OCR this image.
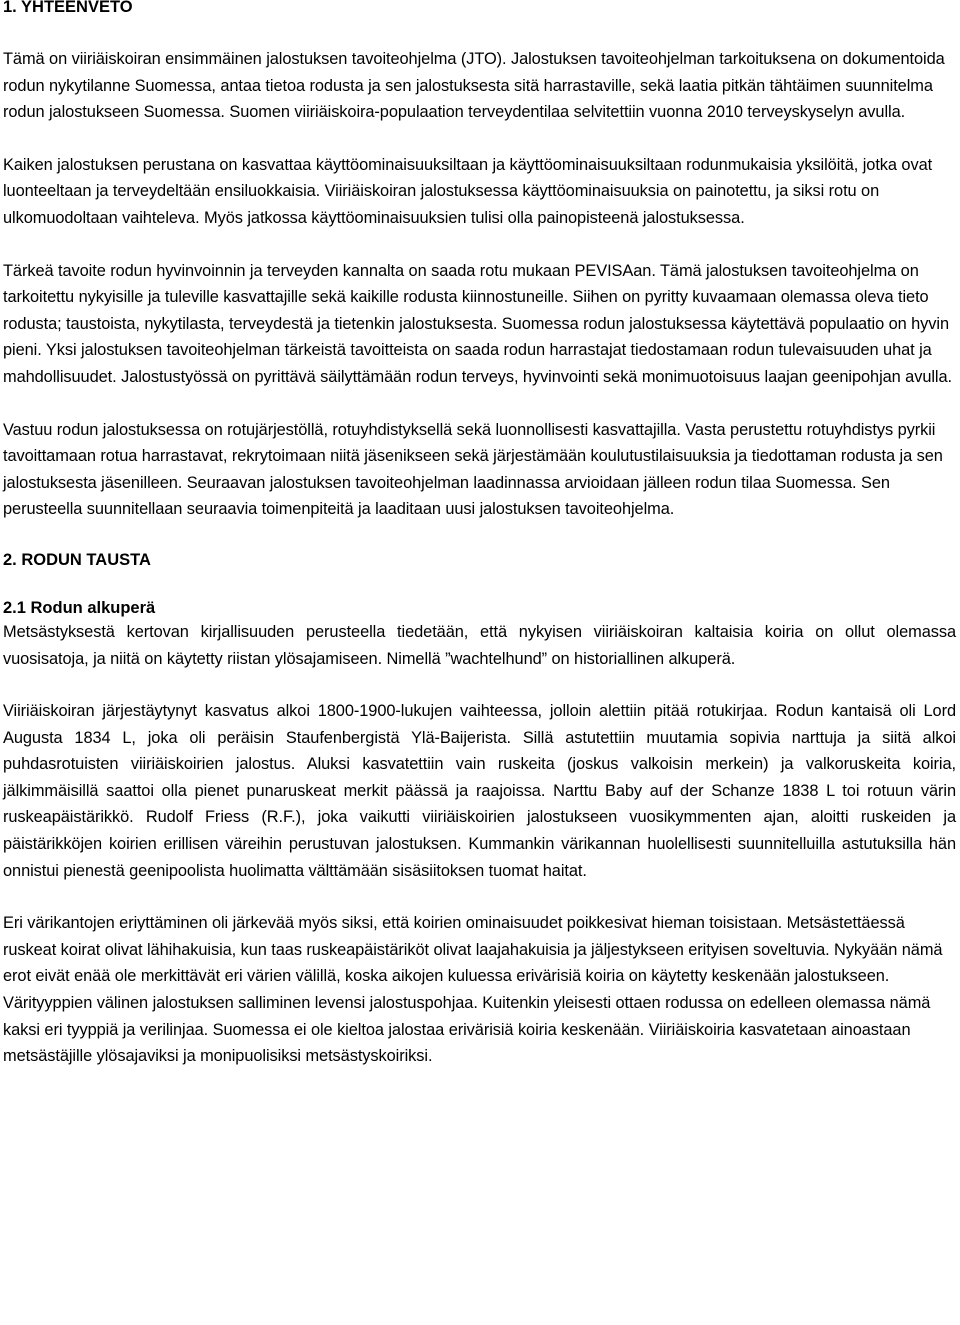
1. YHTEENVETO

Tämä on viiriäiskoiran ensimmäinen jalostuksen tavoiteohjelma (JTO). Jalostuksen tavoiteohjelman tarkoituksena on dokumentoida rodun nykytilanne Suomessa, antaa tietoa rodusta ja sen jalostuksesta sitä harrastaville, sekä laatia pitkän tähtäimen suunnitelma rodun jalostukseen Suomessa. Suomen viiriäiskoira-populaation terveydentilaa selvitettiin vuonna 2010 terveyskyselyn avulla.

Kaiken jalostuksen perustana on kasvattaa käyttöominaisuuksiltaan ja käyttöominaisuuksiltaan rodunmukaisia yksilöitä, jotka ovat luonteeltaan ja terveydeltään ensiluokkaisia. Viiriäiskoiran jalostuksessa käyttöominaisuuksia on painotettu, ja siksi rotu on ulkomuodoltaan vaihteleva. Myös jatkossa käyttöominaisuuksien tulisi olla painopisteenä jalostuksessa.

Tärkeä tavoite rodun hyvinvoinnin ja terveyden kannalta on saada rotu mukaan PEVISAan. Tämä jalostuksen tavoiteohjelma on tarkoitettu nykyisille ja tuleville kasvattajille sekä kaikille rodusta kiinnostuneille. Siihen on pyritty kuvaamaan olemassa oleva tieto rodusta; taustoista, nykytilasta, terveydestä ja tietenkin jalostuksesta. Suomessa rodun jalostuksessa käytettävä populaatio on hyvin pieni. Yksi jalostuksen tavoiteohjelman tärkeistä tavoitteista on saada rodun harrastajat tiedostamaan rodun tulevaisuuden uhat ja mahdollisuudet. Jalostustyössä on pyrittävä säilyttämään rodun terveys, hyvinvointi sekä monimuotoisuus laajan geenipohjan avulla.

Vastuu rodun jalostuksessa on rotujärjestöllä, rotuyhdistyksellä sekä luonnollisesti kasvattajilla. Vasta perustettu rotuyhdistys pyrkii tavoittamaan rotua harrastavat, rekrytoimaan niitä jäsenikseen sekä järjestämään koulutustilaisuuksia ja tiedottaman rodusta ja sen jalostuksesta jäsenilleen. Seuraavan jalostuksen tavoiteohjelman laadinnassa arvioidaan jälleen rodun tilaa Suomessa. Sen perusteella suunnitellaan seuraavia toimenpiteitä ja laaditaan uusi jalostuksen tavoiteohjelma.

2. RODUN TAUSTA
2.1 Rodun alkuperä

Metsästyksestä kertovan kirjallisuuden perusteella tiedetään, että nykyisen viiriäiskoiran kaltaisia koiria on ollut olemassa vuosisatoja, ja niitä on käytetty riistan ylösajamiseen. Nimellä ”wachtelhund” on historiallinen alkuperä.

Viiriäiskoiran järjestäytynyt kasvatus alkoi 1800-1900-lukujen vaihteessa, jolloin alettiin pitää rotukirjaa. Rodun kantaisä oli Lord Augusta 1834 L, joka oli peräisin Staufenbergistä Ylä-Baijerista. Sillä astutettiin muutamia sopivia narttuja ja siitä alkoi puhdasrotuisten viiriäiskoirien jalostus. Aluksi kasvatettiin vain ruskeita (joskus valkoisin merkein) ja valkoruskeita koiria, jälkimmäisillä saattoi olla pienet punaruskeat merkit päässä ja raajoissa. Narttu Baby auf der Schanze 1838 L toi rotuun värin ruskeapäistärikkö. Rudolf Friess (R.F.), joka vaikutti viiriäiskoirien jalostukseen vuosikymmenten ajan, aloitti ruskeiden ja päistärikköjen koirien erillisen väreihin perustuvan jalostuksen. Kummankin värikannan huolellisesti suunnitelluilla astutuksilla hän onnistui pienestä geenipoolista huolimatta välttämään sisäsiitoksen tuomat haitat.

Eri värikantojen eriyttäminen oli järkevää myös siksi, että koirien ominaisuudet poikkesivat hieman toisistaan. Metsästettäessä ruskeat koirat olivat lähihakuisia, kun taas ruskeapäistäriköt olivat laajahakuisia ja jäljestykseen erityisen soveltuvia. Nykyään nämä erot eivät enää ole merkittävät eri värien välillä, koska aikojen kuluessa erivärisiä koiria on käytetty keskenään jalostukseen. Värityyppien välinen jalostuksen salliminen levensi jalostuspohjaa. Kuitenkin yleisesti ottaen rodussa on edelleen olemassa nämä kaksi eri tyyppiä ja verilinjaa. Suomessa ei ole kieltoa jalostaa erivärisiä koiria keskenään. Viiriäiskoiria kasvatetaan ainoastaan metsästäjille ylösajaviksi ja monipuolisiksi metsästyskoiriksi.
